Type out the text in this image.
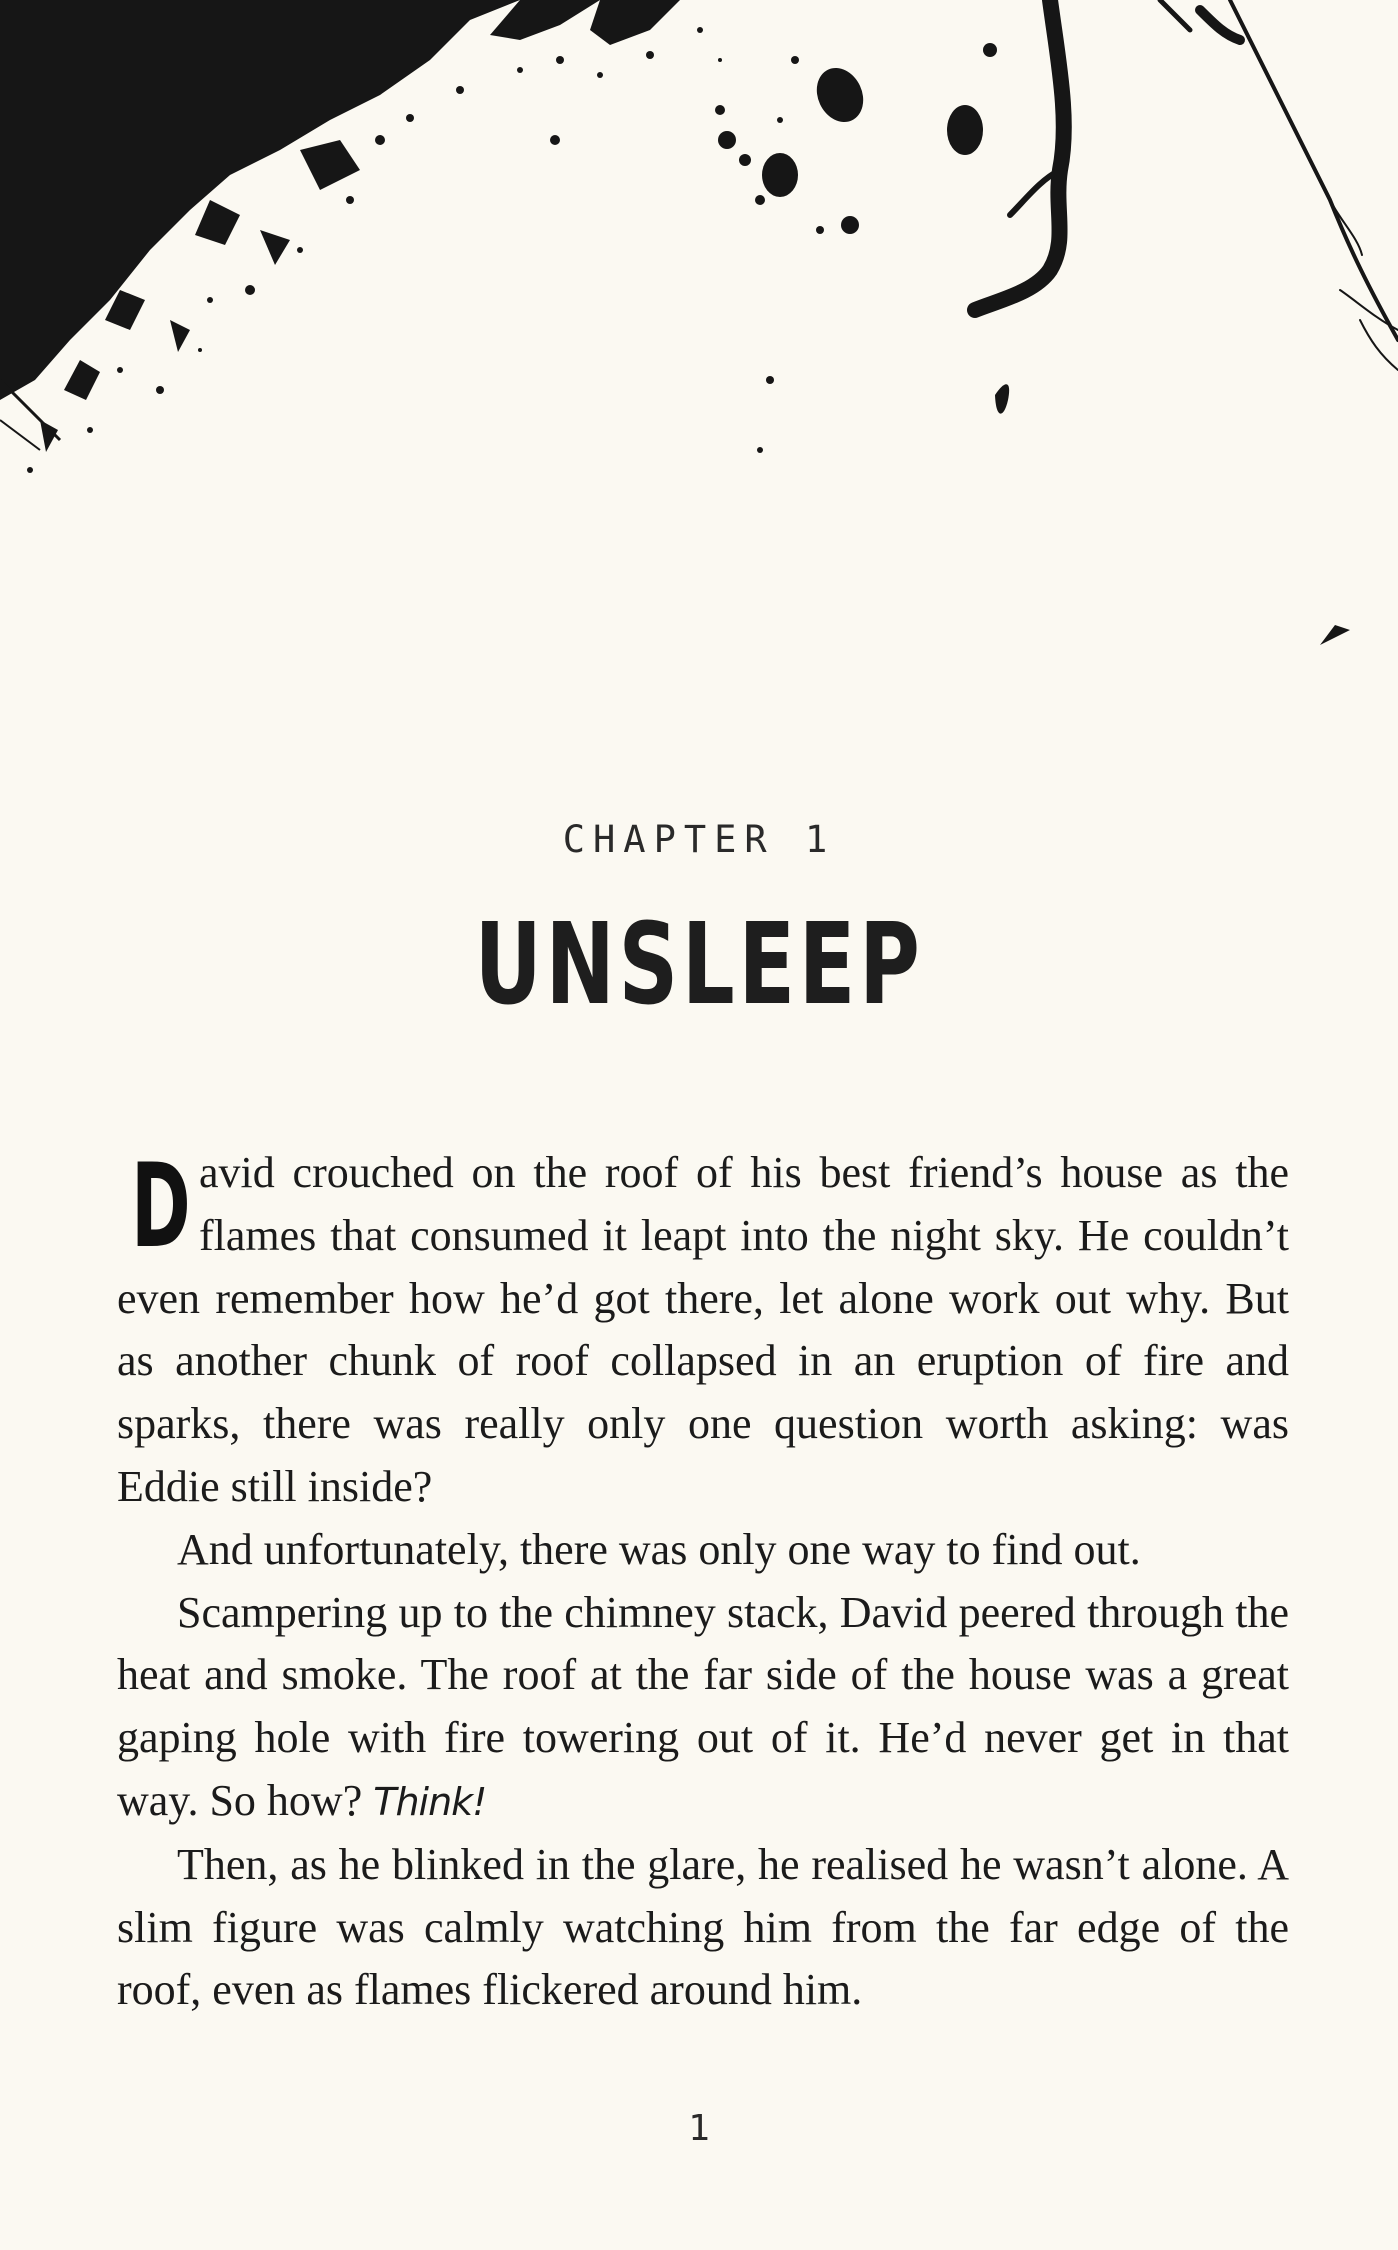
CHAPTER 1
UNSLEEP

David crouched on the roof of his best friend’s house as the flames that consumed it leapt into the night sky. He couldn’t even remember how he’d got there, let alone work out why. But as another chunk of roof collapsed in an eruption of fire and sparks, there was really only one question worth asking: was Eddie still inside?

And unfortunately, there was only one way to find out.

Scampering up to the chimney stack, David peered through the heat and smoke. The roof at the far side of the house was a great gaping hole with fire towering out of it. He’d never get in that way. So how? Think!

Then, as he blinked in the glare, he realised he wasn’t alone. A slim figure was calmly watching him from the far edge of the roof, even as flames flickered around him.

1
